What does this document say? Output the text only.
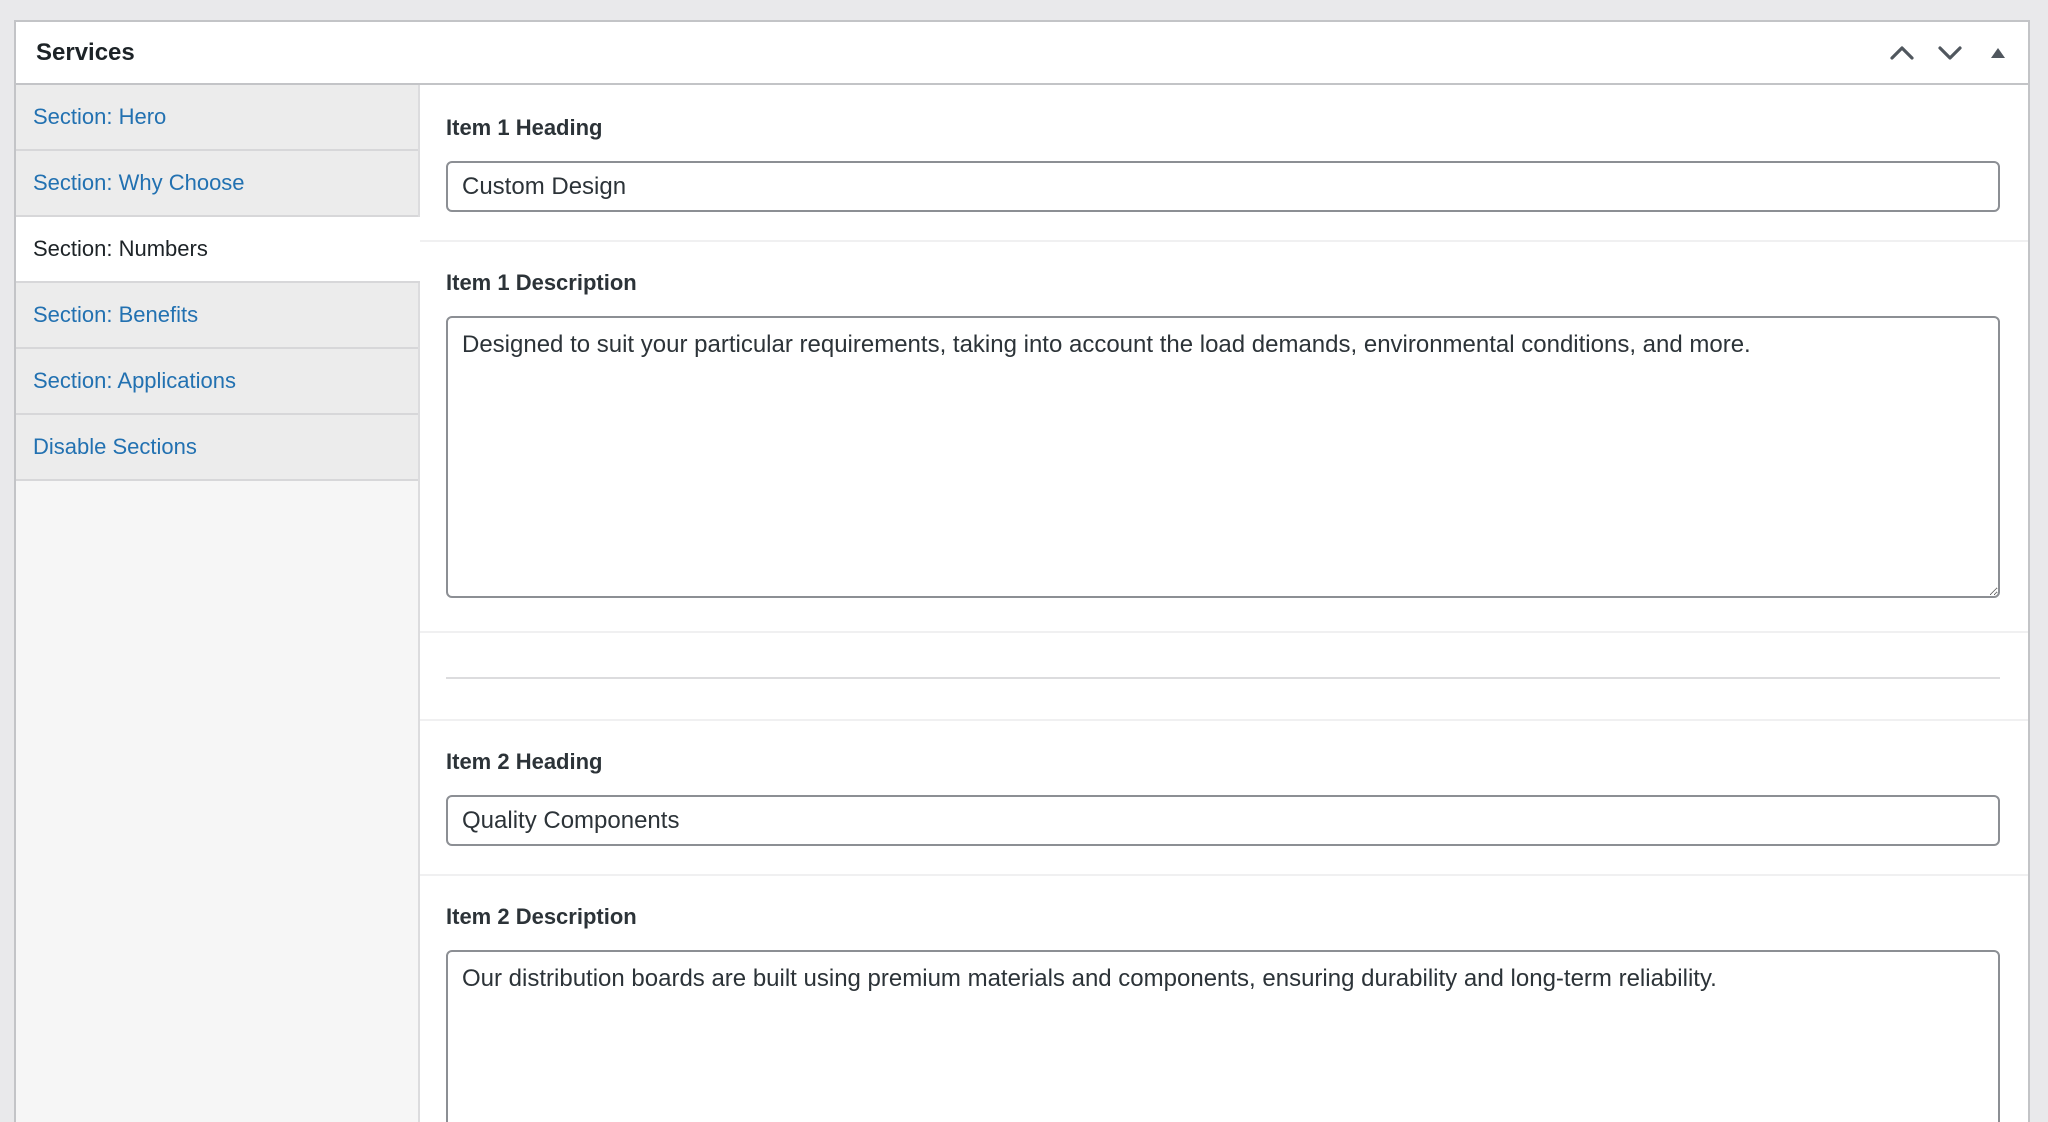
Services
Section: Hero
Section: Why Choose
Section: Numbers
Section: Benefits
Section: Applications
Disable Sections
Item 1 Heading
Custom Design
Item 1 Description
Designed to suit your particular requirements, taking into account the load demands, environmental conditions, and more.
Item 2 Heading
Quality Components
Item 2 Description
Our distribution boards are built using premium materials and components, ensuring durability and long-term reliability.
